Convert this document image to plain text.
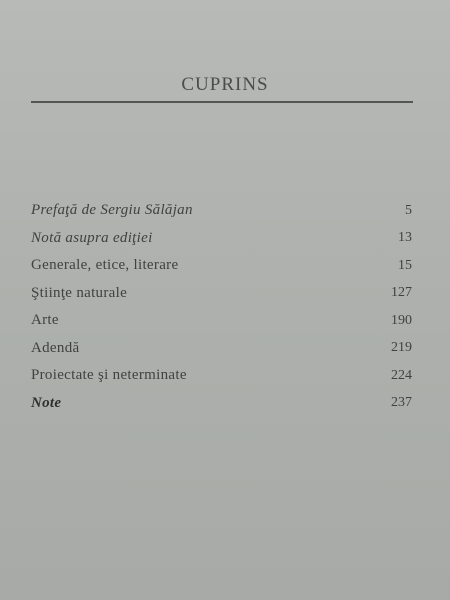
CUPRINS
Prefaţă de Sergiu Sălăjan	5
Notă asupra ediţiei	13
Generale, etice, literare	15
Ştiinţe naturale	127
Arte	190
Adendă	219
Proiectate şi neterminate	224
Note	237
